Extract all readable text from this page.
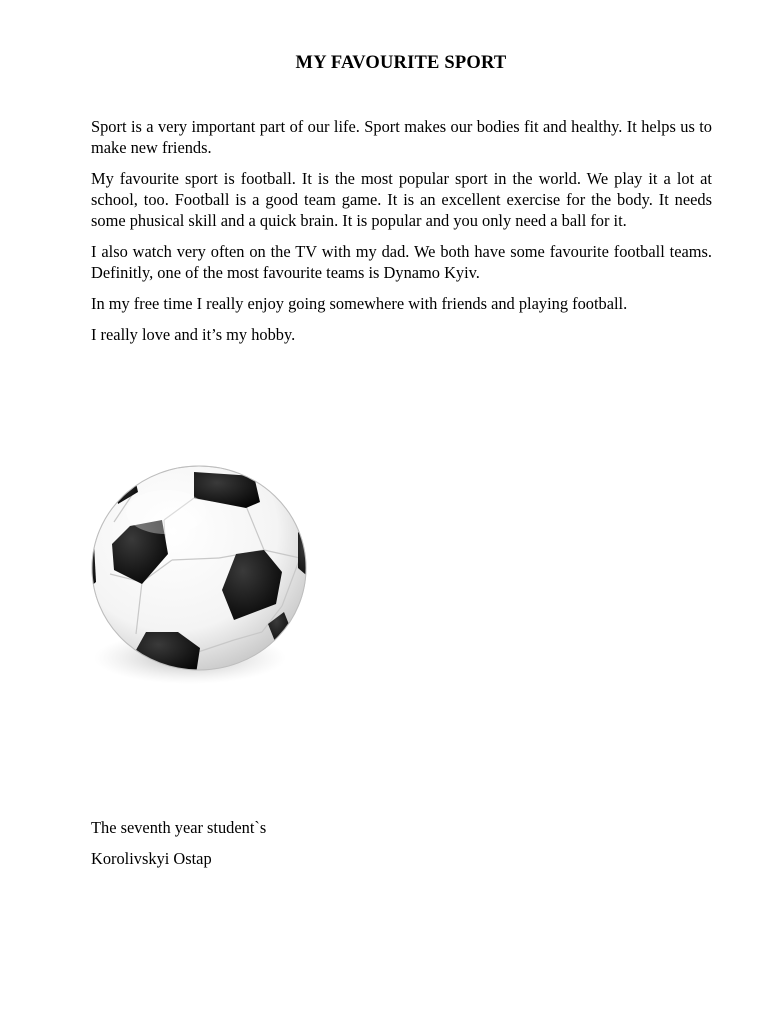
MY FAVOURITE SPORT

Sport is a very important part of our life. Sport makes our bodies fit and healthy. It helps us to make new friends.

My favourite sport is football. It is the most popular sport in the world. We play it a lot at school, too. Football is a good team game. It is an excellent exercise for the body. It needs some phusical skill and a quick brain. It is popular and you only need a ball for it.

I also watch very often on the TV with my dad. We both have some favourite football teams. Definitly, one of the most favourite teams is Dynamo Kyiv.

In my free time I really enjoy going somewhere with friends and playing football.

I really love and it’s my hobby.

The seventh year student`s

Korolivskyi Ostap
